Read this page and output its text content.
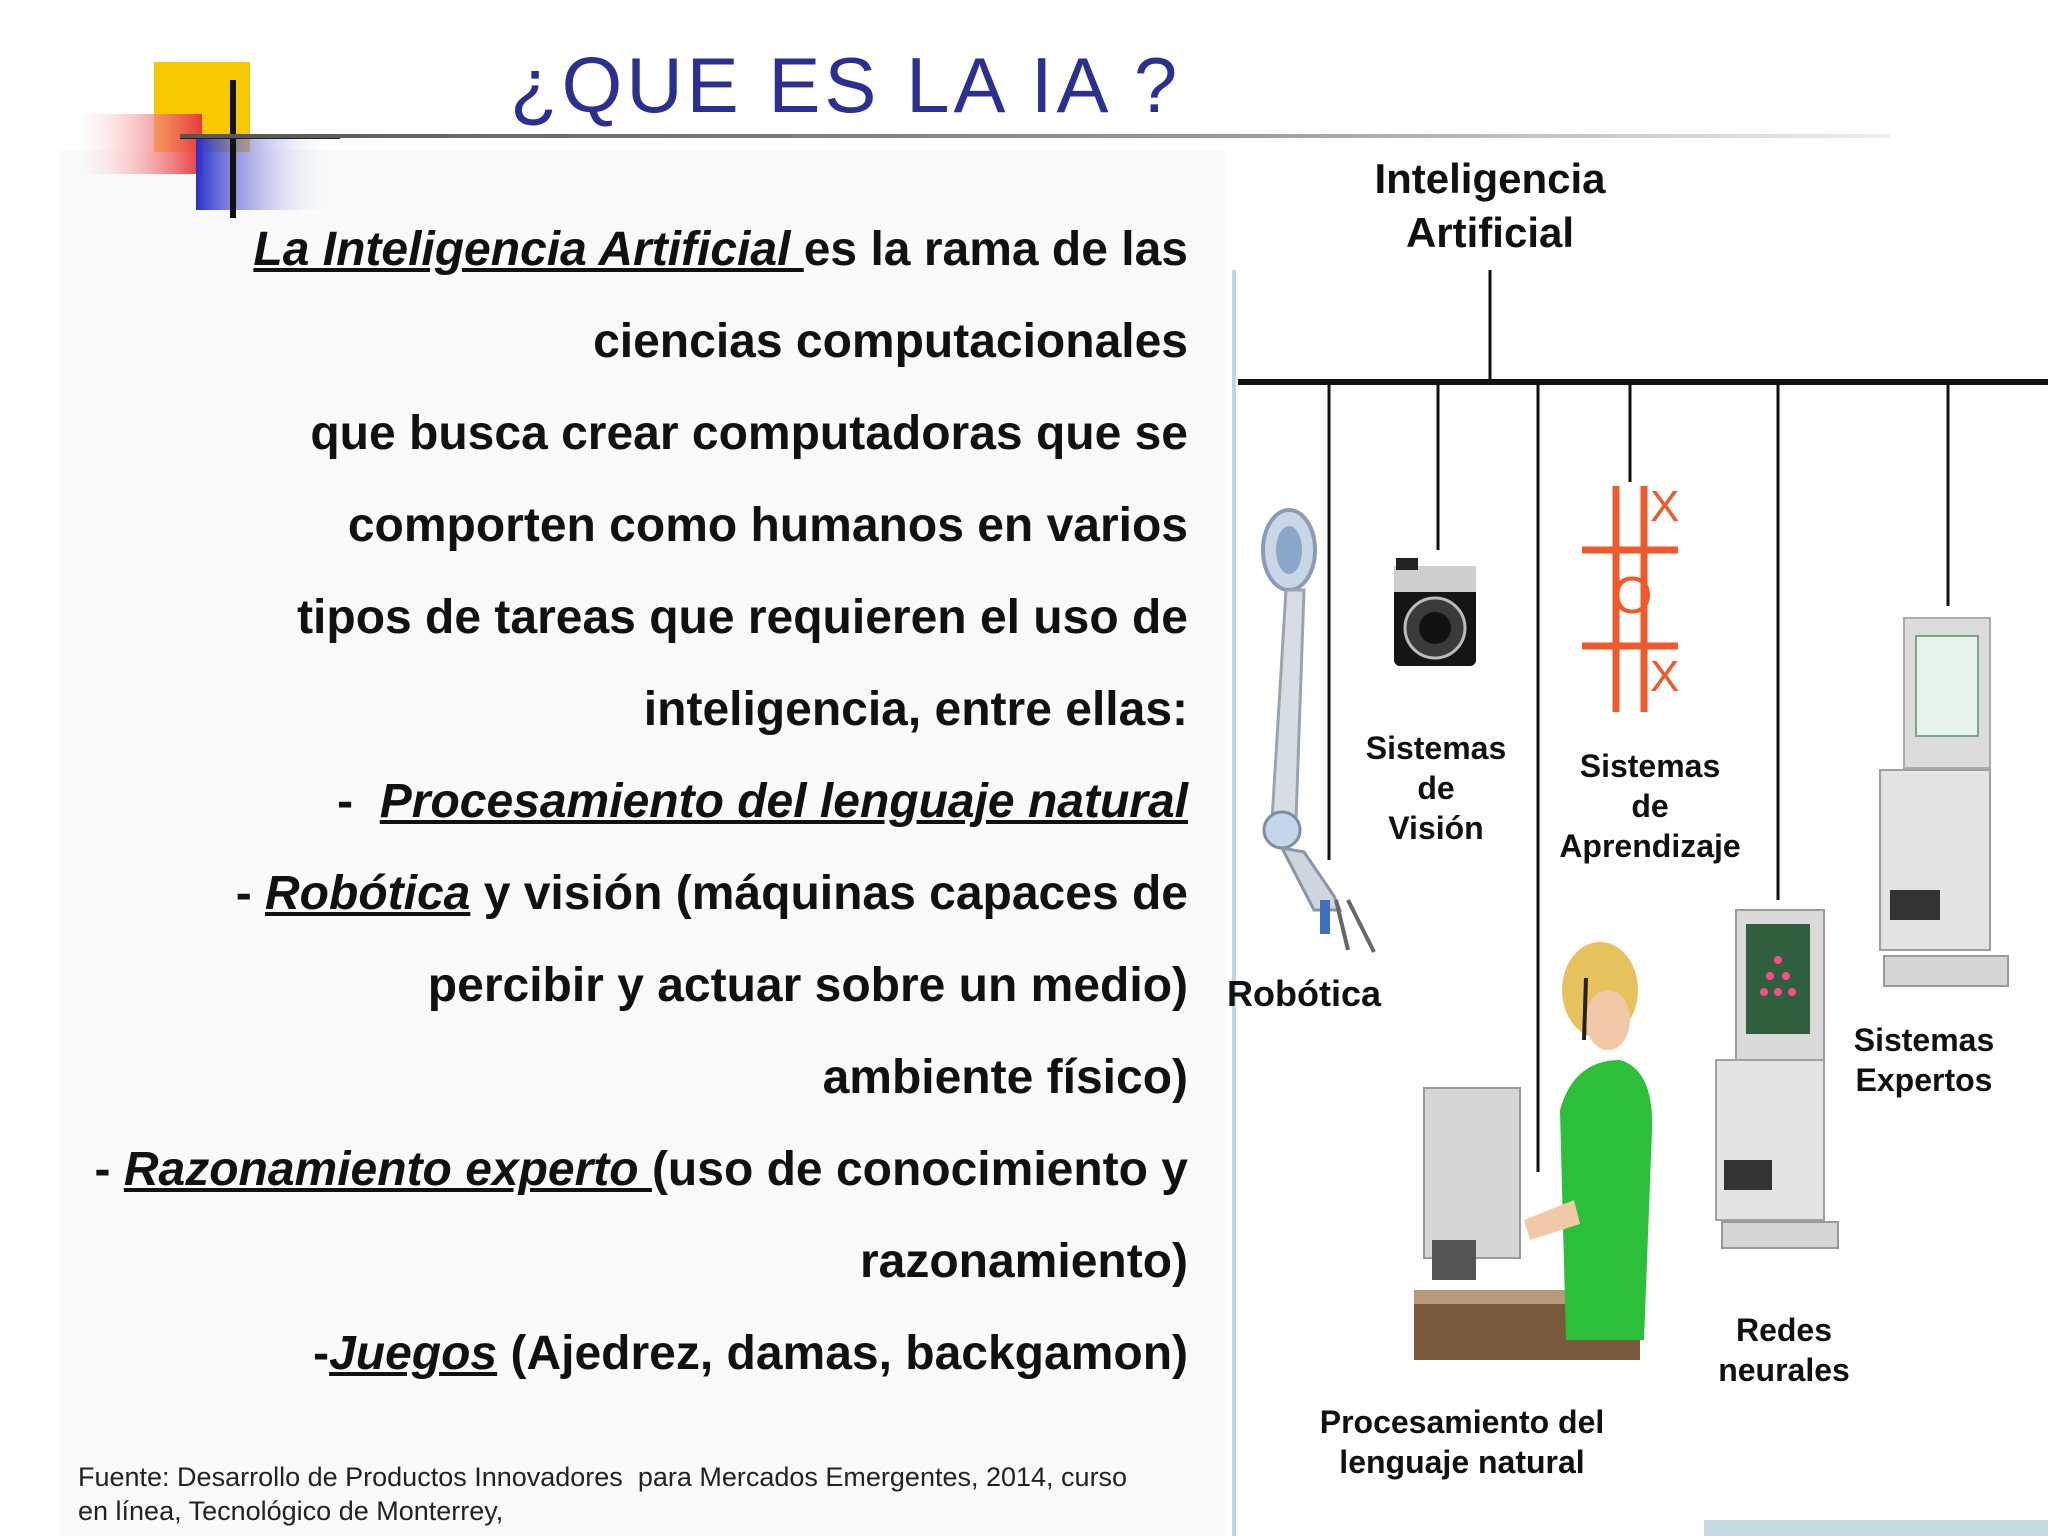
¿QUE ES LA IA ?
La Inteligencia Artificial es la rama de las
ciencias computacionales
que busca crear computadoras que se
comporten como humanos en varios
tipos de tareas que requieren el uso de
inteligencia, entre ellas:
-  Procesamiento del lenguaje natural
- Robótica y visión (máquinas capaces de
percibir y actuar sobre un medio)
ambiente físico)
- Razonamiento experto (uso de conocimiento y
razonamiento)
-Juegos (Ajedrez, damas, backgamon)
Fuente: Desarrollo de Productos Innovadores  para Mercados Emergentes, 2014, curso
en línea, Tecnológico de Monterrey,
Inteligencia
Artificial
Sistemas
de
Visión
Sistemas
de
Aprendizaje
Robótica
Sistemas
Expertos
Redes
neurales
Procesamiento del
lenguaje natural
X
O
X
